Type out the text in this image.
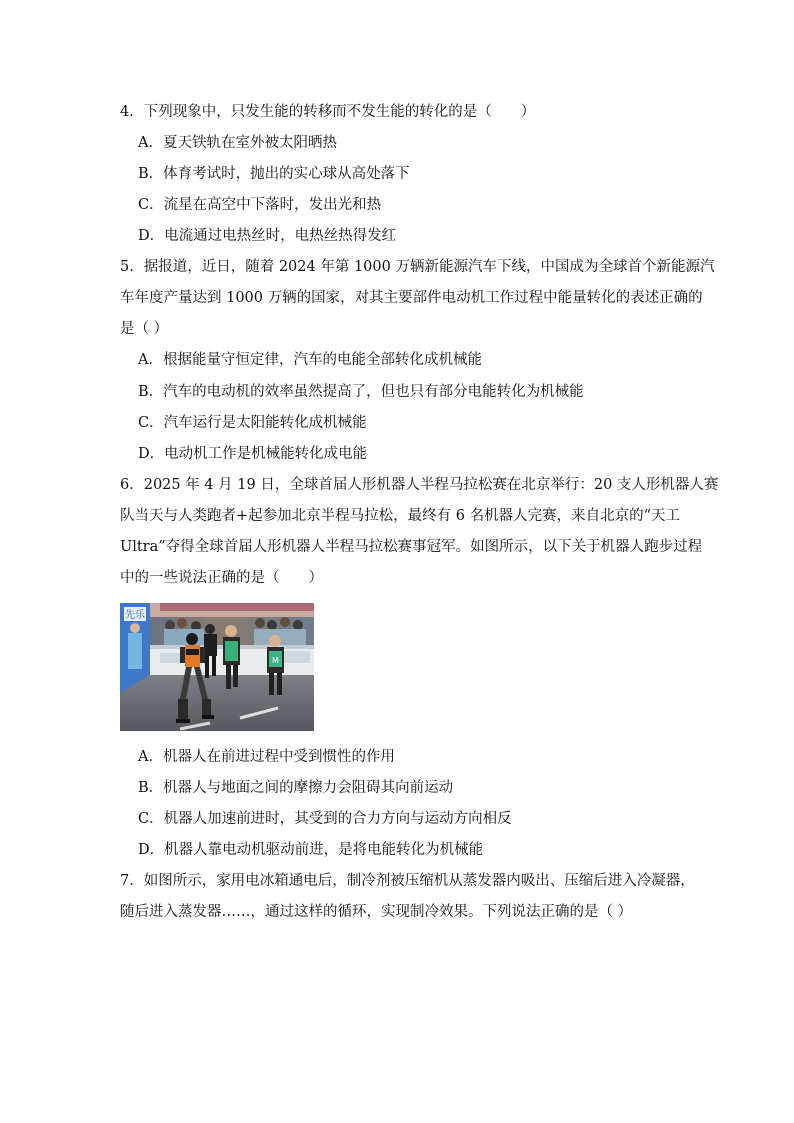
4．下列现象中，只发生能的转移而不发生能的转化的是（　　）
A．夏天铁轨在室外被太阳晒热
B．体育考试时，抛出的实心球从高处落下
C．流星在高空中下落时，发出光和热
D．电流通过电热丝时，电热丝热得发红
5．据报道，近日，随着 2024 年第 1000 万辆新能源汽车下线，中国成为全球首个新能源汽
车年度产量达到 1000 万辆的国家，对其主要部件电动机工作过程中能量转化的表述正确的
是（ ）
A．根据能量守恒定律，汽车的电能全部转化成机械能
B．汽车的电动机的效率虽然提高了，但也只有部分电能转化为机械能
C．汽车运行是太阳能转化成机械能
D．电动机工作是机械能转化成电能
6．2025 年 4 月 19 日，全球首届人形机器人半程马拉松赛在北京举行：20 支人形机器人赛
队当天与人类跑者+起参加北京半程马拉松，最终有 6 名机器人完赛，来自北京的“天工
Ultra”夺得全球首届人形机器人半程马拉松赛事冠军。如图所示，以下关于机器人跑步过程
中的一些说法正确的是（　　）
先乐
M
A．机器人在前进过程中受到惯性的作用
B．机器人与地面之间的摩擦力会阻碍其向前运动
C．机器人加速前进时，其受到的合力方向与运动方向相反
D．机器人靠电动机驱动前进，是将电能转化为机械能
7．如图所示，家用电冰箱通电后，制冷剂被压缩机从蒸发器内吸出、压缩后进入冷凝器，
随后进入蒸发器……，通过这样的循环，实现制冷效果。下列说法正确的是（ ）
